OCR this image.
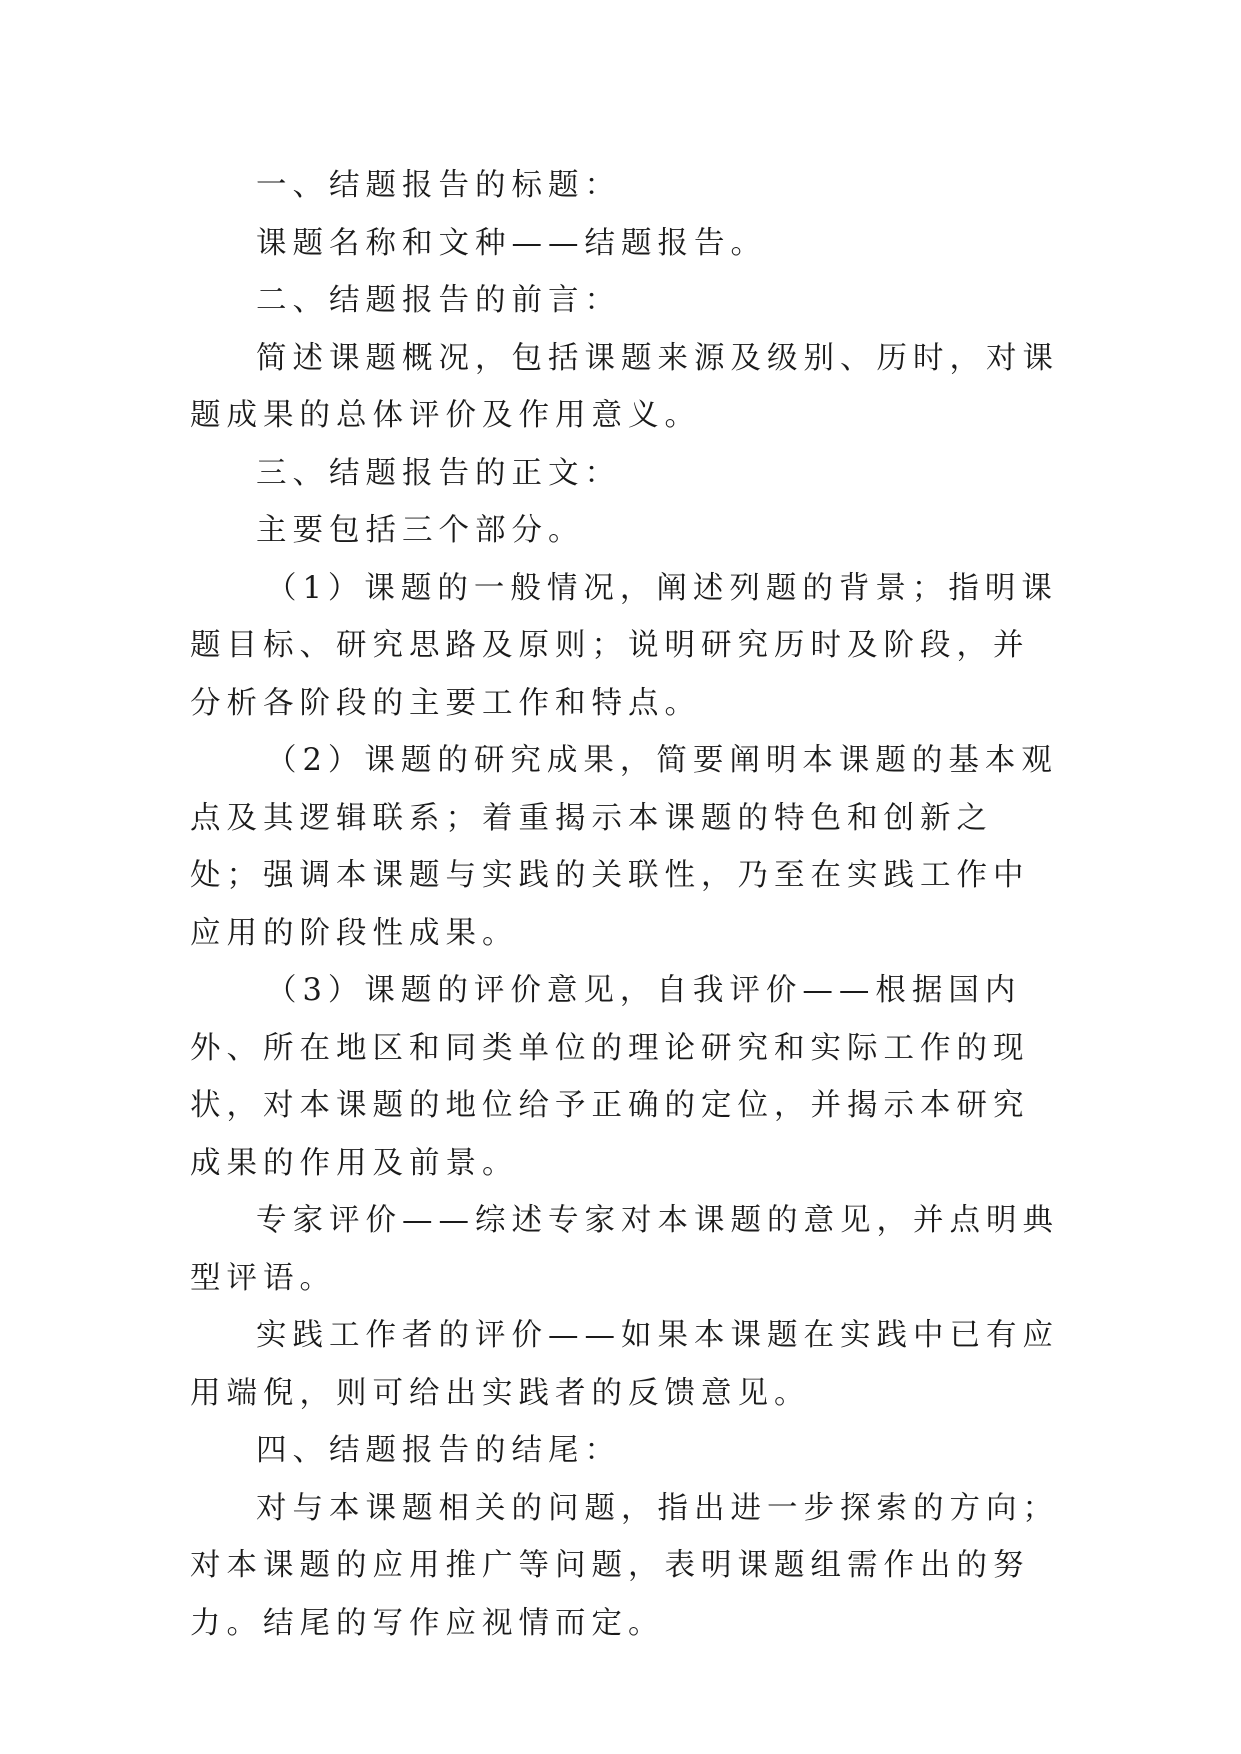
一、结题报告的标题：

课题名称和文种——结题报告。

二、结题报告的前言：

简述课题概况，包括课题来源及级别、历时，对课题成果的总体评价及作用意义。

三、结题报告的正文：

主要包括三个部分。

（1）课题的一般情况，阐述列题的背景；指明课题目标、研究思路及原则；说明研究历时及阶段，并分析各阶段的主要工作和特点。

（2）课题的研究成果，简要阐明本课题的基本观点及其逻辑联系；着重揭示本课题的特色和创新之处；强调本课题与实践的关联性，乃至在实践工作中应用的阶段性成果。

（3）课题的评价意见，自我评价——根据国内外、所在地区和同类单位的理论研究和实际工作的现状，对本课题的地位给予正确的定位，并揭示本研究成果的作用及前景。

专家评价——综述专家对本课题的意见，并点明典型评语。

实践工作者的评价——如果本课题在实践中已有应用端倪，则可给出实践者的反馈意见。

四、结题报告的结尾：

对与本课题相关的问题，指出进一步探索的方向；对本课题的应用推广等问题，表明课题组需作出的努力。结尾的写作应视情而定。
